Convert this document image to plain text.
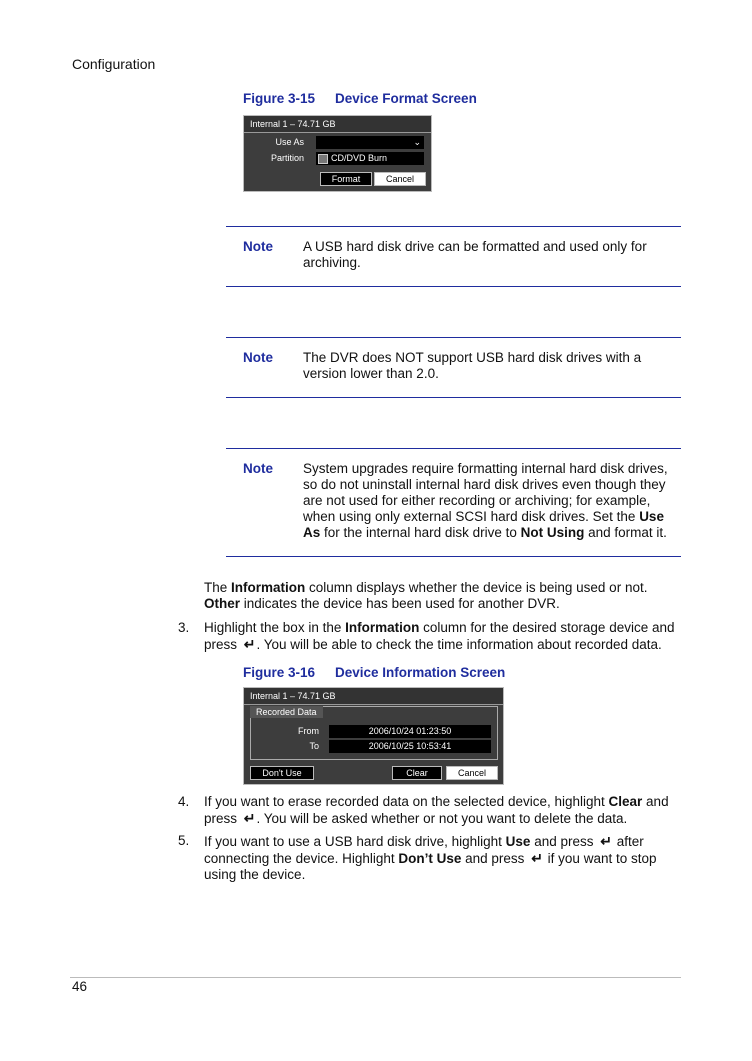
Configuration
Figure 3-15 Device Format Screen
Internal 1 – 74.71 GB
Use As	⌄
Partition	CD/DVD Burn
Format	Cancel
Note A USB hard disk drive can be formatted and used only for archiving.
Note The DVR does NOT support USB hard disk drives with a version lower than 2.0.
Note System upgrades require formatting internal hard disk drives, so do not uninstall internal hard disk drives even though they are not used for either recording or archiving; for example, when using only external SCSI hard disk drives. Set the Use As for the internal hard disk drive to Not Using and format it.
The Information column displays whether the device is being used or not. Other indicates the device has been used for another DVR.
3. Highlight the box in the Information column for the desired storage device and press ↵ . You will be able to check the time information about recorded data.
Figure 3-16 Device Information Screen
Internal 1 – 74.71 GB
Recorded Data
From	2006/10/24 01:23:50
To	2006/10/25 10:53:41
Don't Use	Clear	Cancel
4. If you want to erase recorded data on the selected device, highlight Clear and press ↵ . You will be asked whether or not you want to delete the data.
5. If you want to use a USB hard disk drive, highlight Use and press ↵ after connecting the device. Highlight Don’t Use and press ↵ if you want to stop using the device.
46
